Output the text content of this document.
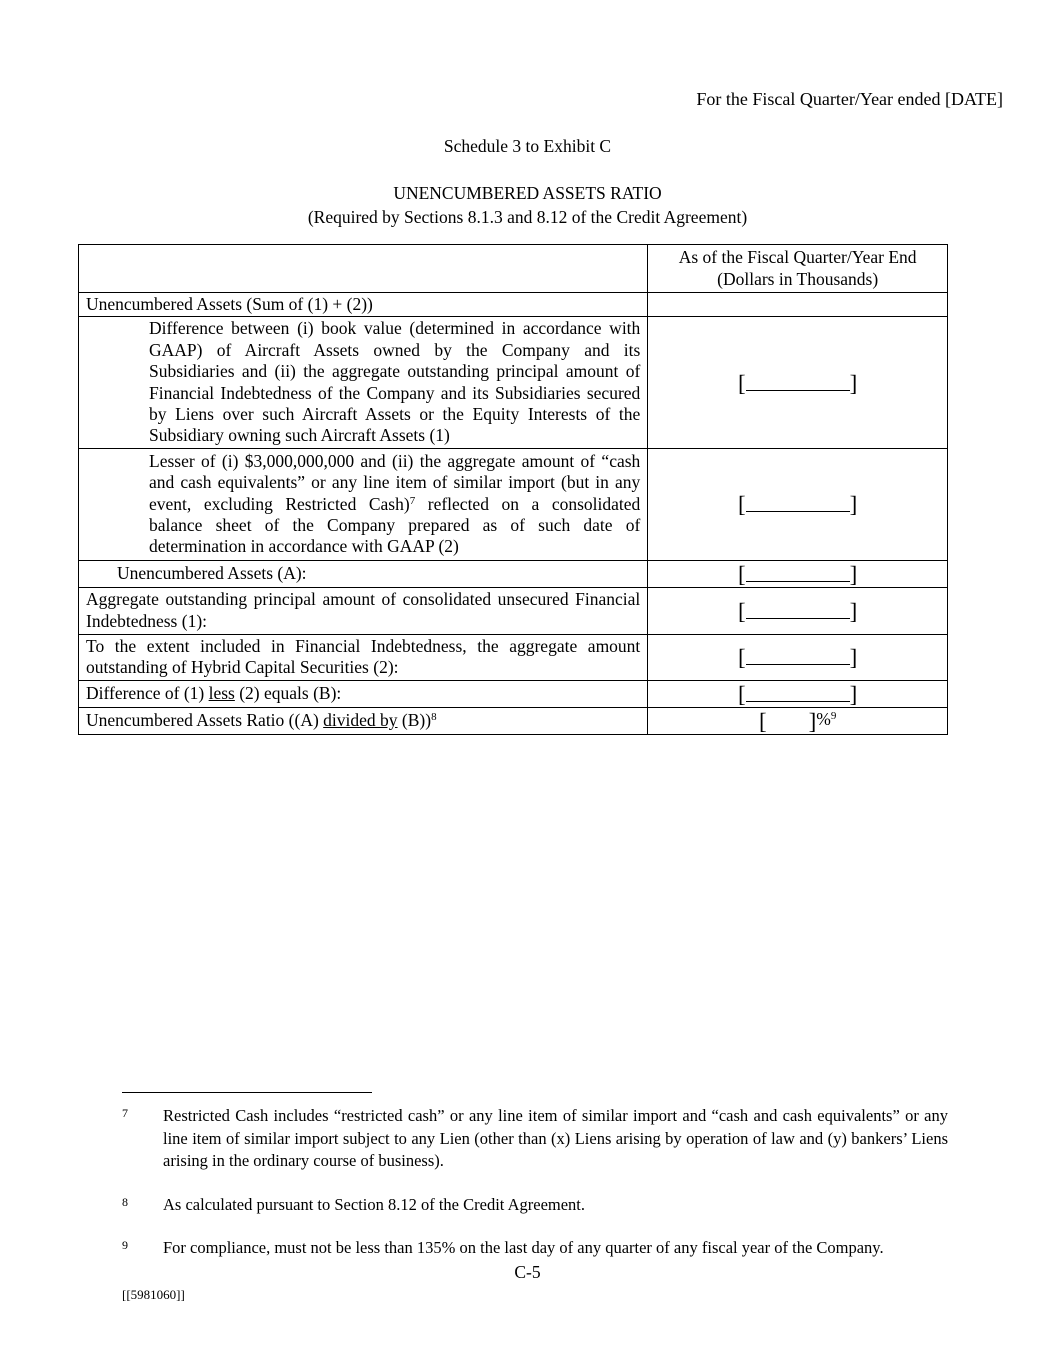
For the Fiscal Quarter/Year ended [DATE]
Schedule 3 to Exhibit C
UNENCUMBERED ASSETS RATIO
(Required by Sections 8.1.3 and 8.12 of the Credit Agreement)

	As of the Fiscal Quarter/Year End
(Dollars in Thousands)

Unencumbered Assets (Sum of (1) + (2))	
Difference between (i) book value (determined in accordance with GAAP) of Aircraft Assets owned by the Company and its Subsidiaries and (ii) the aggregate outstanding principal amount of Financial Indebtedness of the Company and its Subsidiaries secured by Liens over such Aircraft Assets or the Equity Interests of the Subsidiary owning such Aircraft Assets (1)	[ ]
Lesser of (i) $3,000,000,000 and (ii) the aggregate amount of “cash and cash equivalents” or any line item of similar import (but in any event, excluding Restricted Cash)$^7$ reflected on a consolidated balance sheet of the Company prepared as of such date of determination in accordance with GAAP (2)	[ ]
Unencumbered Assets (A):	[ ]
Aggregate outstanding principal amount of consolidated unsecured Financial Indebtedness (1):	[ ]
To the extent included in Financial Indebtedness, the aggregate amount outstanding of Hybrid Capital Securities (2):	[ ]
Difference of (1) less (2) equals (B):	[ ]
Unencumbered Assets Ratio ((A) divided by (B))$^8$	[ ]%$^9$
7	Restricted Cash includes “restricted cash” or any line item of similar import and “cash and cash equivalents” or any line item of similar import subject to any Lien (other than (x) Liens arising by operation of law and (y) bankers’ Liens arising in the ordinary course of business).
8	As calculated pursuant to Section 8.12 of the Credit Agreement.
9	For compliance, must not be less than 135% on the last day of any quarter of any fiscal year of the Company.
C-5
[[5981060]]
